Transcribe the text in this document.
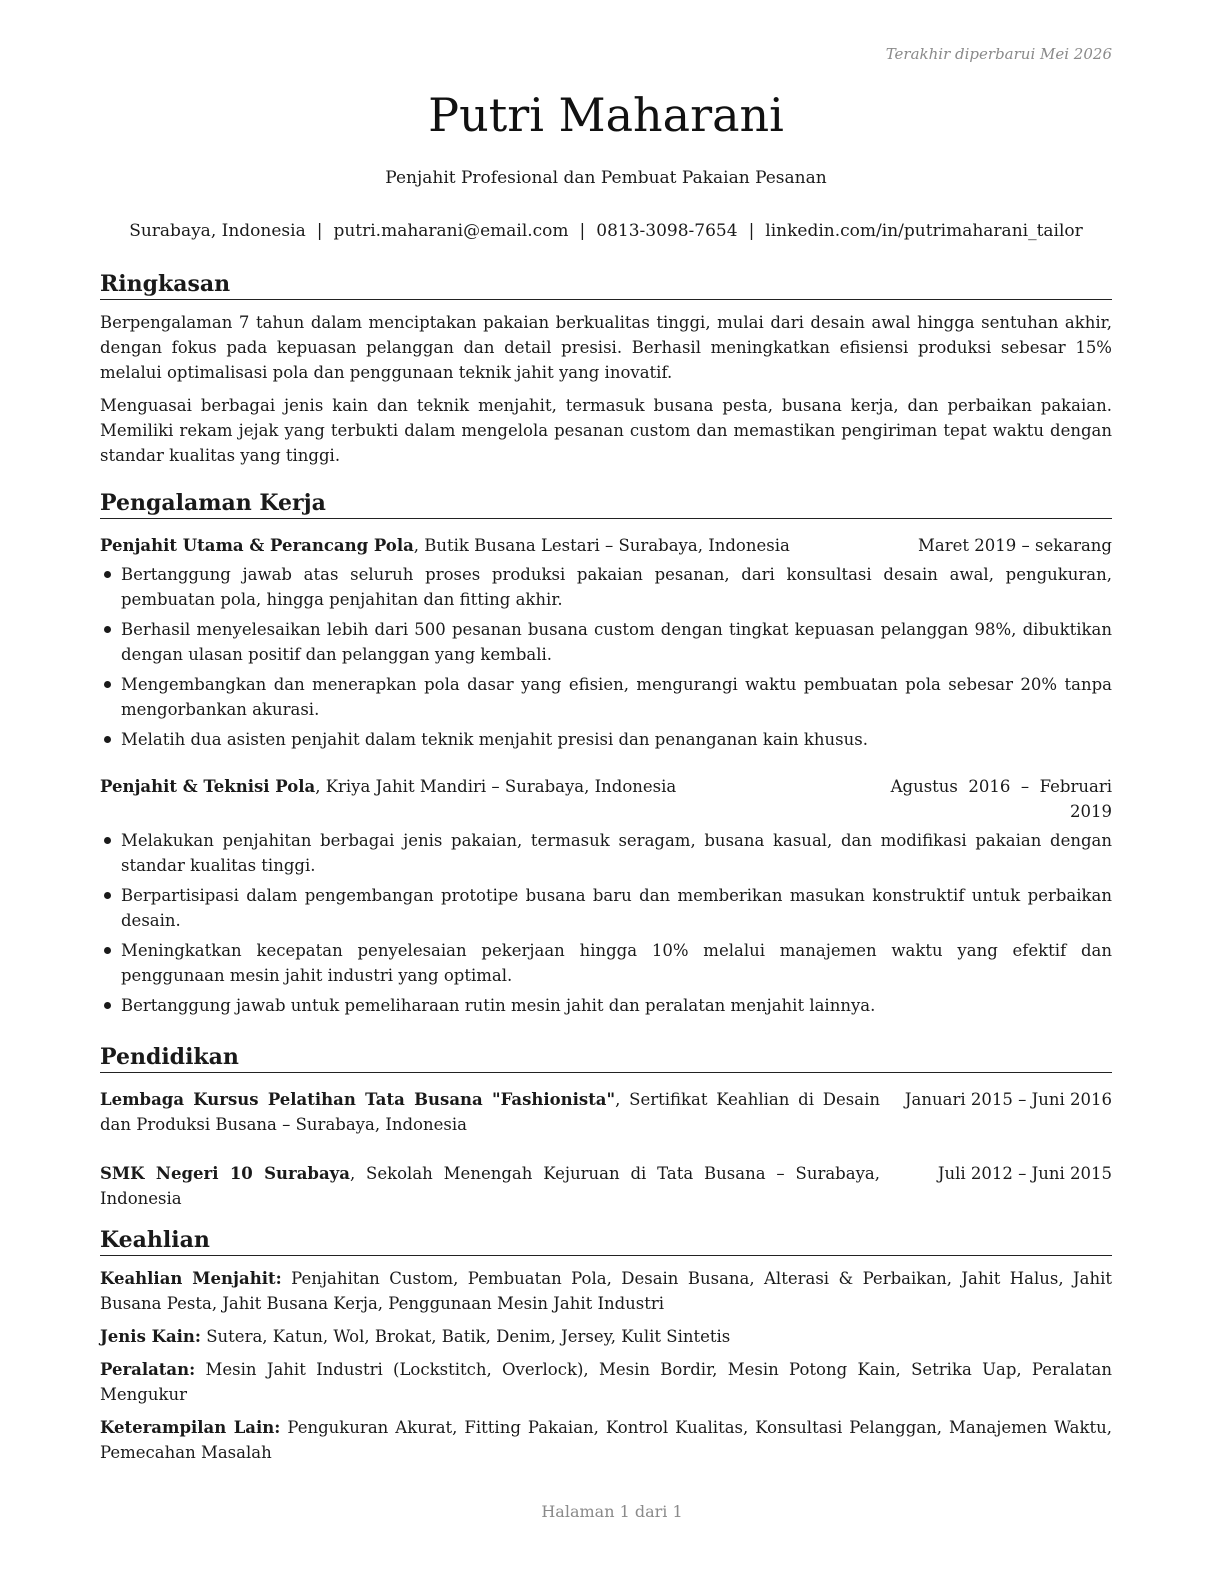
Terakhir diperbarui Mei 2026
Putri Maharani
Penjahit Profesional dan Pembuat Pakaian Pesanan
Surabaya, Indonesia | putri.maharani@email.com | 0813-3098-7654 | linkedin.com/in/putrimaharani_tailor
Ringkasan

Berpengalaman 7 tahun dalam menciptakan pakaian berkualitas tinggi, mulai dari desain awal hingga sentuhan akhir, dengan fokus pada kepuasan pelanggan dan detail presisi. Berhasil meningkatkan efisiensi produksi sebesar 15% melalui optimalisasi pola dan penggunaan teknik jahit yang inovatif.

Menguasai berbagai jenis kain dan teknik menjahit, termasuk busana pesta, busana kerja, dan perbaikan pakaian. Memiliki rekam jejak yang terbukti dalam mengelola pesanan custom dan memastikan pengiriman tepat waktu dengan standar kualitas yang tinggi.

Pengalaman Kerja
Penjahit Utama & Perancang Pola, Butik Busana Lestari – Surabaya, Indonesia	Maret 2019 – sekarang
Bertanggung jawab atas seluruh proses produksi pakaian pesanan, dari konsultasi desain awal, pengukuran, pembuatan pola, hingga penjahitan dan fitting akhir.
Berhasil menyelesaikan lebih dari 500 pesanan busana custom dengan tingkat kepuasan pelanggan 98%, dibuktikan dengan ulasan positif dan pelanggan yang kembali.
Mengembangkan dan menerapkan pola dasar yang efisien, mengurangi waktu pembuatan pola sebesar 20% tanpa mengorbankan akurasi.
Melatih dua asisten penjahit dalam teknik menjahit presisi dan penanganan kain khusus.
Penjahit & Teknisi Pola, Kriya Jahit Mandiri – Surabaya, Indonesia	Agustus  2016  –  Februari
2019
Melakukan penjahitan berbagai jenis pakaian, termasuk seragam, busana kasual, dan modifikasi pakaian dengan standar kualitas tinggi.
Berpartisipasi dalam pengembangan prototipe busana baru dan memberikan masukan konstruktif untuk perbaikan desain.
Meningkatkan kecepatan penyelesaian pekerjaan hingga 10% melalui manajemen waktu yang efektif dan penggunaan mesin jahit industri yang optimal.
Bertanggung jawab untuk pemeliharaan rutin mesin jahit dan peralatan menjahit lainnya.
Pendidikan
Lembaga Kursus Pelatihan Tata Busana "Fashionista", Sertifikat Keahlian di Desain dan Produksi Busana – Surabaya, Indonesia
Januari 2015 – Juni 2016
SMK Negeri 10 Surabaya, Sekolah Menengah Kejuruan di Tata Busana – Surabaya, Indonesia
Juli 2012 – Juni 2015
Keahlian

Keahlian Menjahit: Penjahitan Custom, Pembuatan Pola, Desain Busana, Alterasi & Perbaikan, Jahit Halus, Jahit Busana Pesta, Jahit Busana Kerja, Penggunaan Mesin Jahit Industri

Jenis Kain: Sutera, Katun, Wol, Brokat, Batik, Denim, Jersey, Kulit Sintetis

Peralatan: Mesin Jahit Industri (Lockstitch, Overlock), Mesin Bordir, Mesin Potong Kain, Setrika Uap, Peralatan Mengukur

Keterampilan Lain: Pengukuran Akurat, Fitting Pakaian, Kontrol Kualitas, Konsultasi Pelanggan, Manajemen Waktu, Pemecahan Masalah

Halaman 1 dari 1
